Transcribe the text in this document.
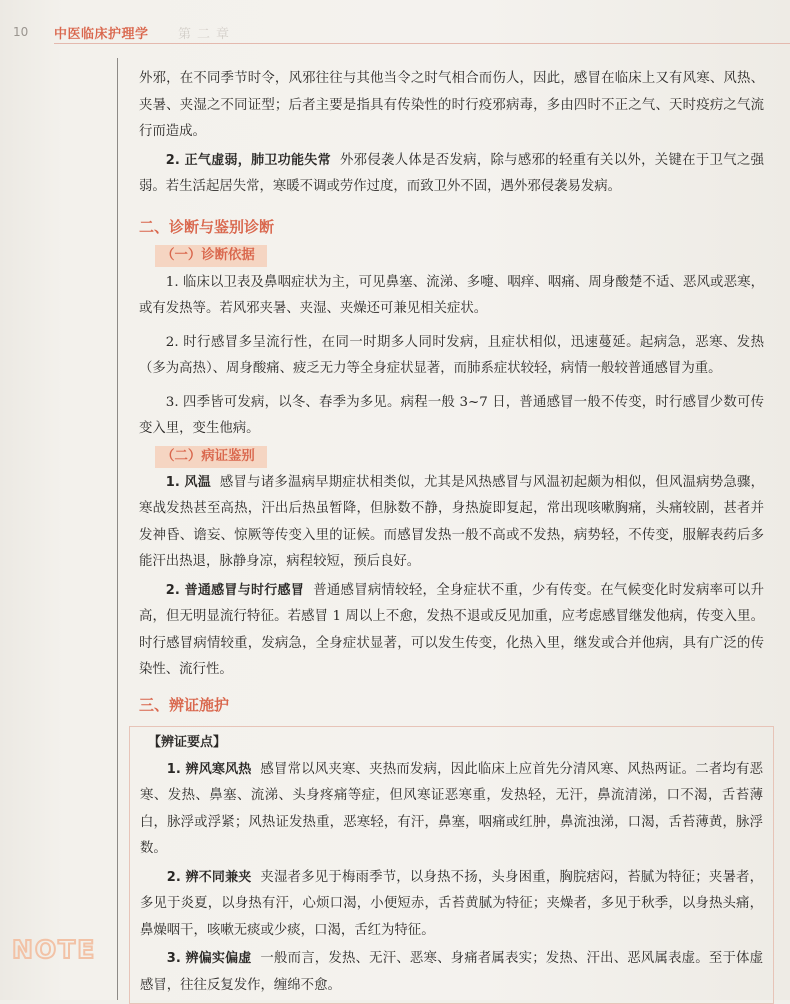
10 中医临床护理学 第二章

外邪，在不同季节时令，风邪往往与其他当令之时气相合而伤人，因此，感冒在临床上又有风寒、风热、夹暑、夹湿之不同证型；后者主要是指具有传染性的时行疫邪病毒，多由四时不正之气、天时疫疠之气流行而造成。

2. 正气虚弱，肺卫功能失常 外邪侵袭人体是否发病，除与感邪的轻重有关以外，关键在于卫气之强弱。若生活起居失常，寒暖不调或劳作过度，而致卫外不固，遇外邪侵袭易发病。

二、诊断与鉴别诊断
（一）诊断依据

1. 临床以卫表及鼻咽症状为主，可见鼻塞、流涕、多嚏、咽痒、咽痛、周身酸楚不适、恶风或恶寒，或有发热等。若风邪夹暑、夹湿、夹燥还可兼见相关症状。

2. 时行感冒多呈流行性，在同一时期多人同时发病，且症状相似，迅速蔓延。起病急，恶寒、发热（多为高热）、周身酸痛、疲乏无力等全身症状显著，而肺系症状较轻，病情一般较普通感冒为重。

3. 四季皆可发病，以冬、春季为多见。病程一般 3~7 日，普通感冒一般不传变，时行感冒少数可传变入里，变生他病。

（二）病证鉴别

1. 风温 感冒与诸多温病早期症状相类似，尤其是风热感冒与风温初起颇为相似，但风温病势急骤，寒战发热甚至高热，汗出后热虽暂降，但脉数不静，身热旋即复起，常出现咳嗽胸痛，头痛较剧，甚者并发神昏、谵妄、惊厥等传变入里的证候。而感冒发热一般不高或不发热，病势轻，不传变，服解表药后多能汗出热退，脉静身凉，病程较短，预后良好。

2. 普通感冒与时行感冒 普通感冒病情较轻，全身症状不重，少有传变。在气候变化时发病率可以升高，但无明显流行特征。若感冒 1 周以上不愈，发热不退或反见加重，应考虑感冒继发他病，传变入里。时行感冒病情较重，发病急，全身症状显著，可以发生传变，化热入里，继发或合并他病，具有广泛的传染性、流行性。

三、辨证施护
【辨证要点】

1. 辨风寒风热 感冒常以风夹寒、夹热而发病，因此临床上应首先分清风寒、风热两证。二者均有恶寒、发热、鼻塞、流涕、头身疼痛等症，但风寒证恶寒重，发热轻，无汗，鼻流清涕，口不渴，舌苔薄白，脉浮或浮紧；风热证发热重，恶寒轻，有汗，鼻塞，咽痛或红肿，鼻流浊涕，口渴，舌苔薄黄，脉浮数。

2. 辨不同兼夹 夹湿者多见于梅雨季节，以身热不扬，头身困重，胸脘痞闷，苔腻为特征；夹暑者，多见于炎夏，以身热有汗，心烦口渴，小便短赤，舌苔黄腻为特征；夹燥者，多见于秋季，以身热头痛，鼻燥咽干，咳嗽无痰或少痰，口渴，舌红为特征。

3. 辨偏实偏虚 一般而言，发热、无汗、恶寒、身痛者属表实；发热、汗出、恶风属表虚。至于体虚感冒，往往反复发作，缠绵不愈。

NOTE
